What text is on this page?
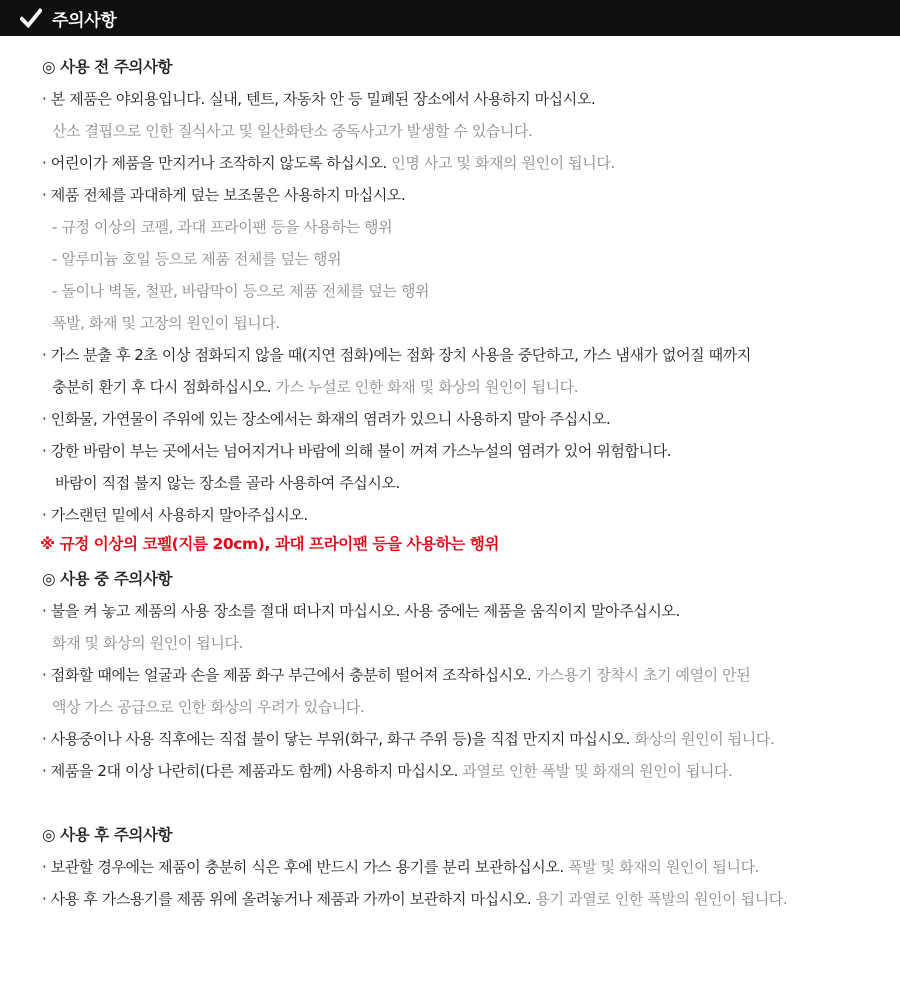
주의사항
◎ 사용 전 주의사항
· 본 제품은 야외용입니다. 실내, 텐트, 자동차 안 등 밀폐된 장소에서 사용하지 마십시오.
산소 결핍으로 인한 질식사고 및 일산화탄소 중독사고가 발생할 수 있습니다.
· 어린이가 제품을 만지거나 조작하지 않도록 하십시오. 인명 사고 및 화재의 원인이 됩니다.
· 제품 전체를 과대하게 덮는 보조물은 사용하지 마십시오.
- 규정 이상의 코펠, 과대 프라이팬 등을 사용하는 행위
- 알루미늄 호일 등으로 제품 전체를 덮는 행위
- 돌이나 벽돌, 철판, 바람막이 등으로 제품 전체를 덮는 행위
폭발, 화재 및 고장의 원인이 됩니다.
· 가스 분출 후 2초 이상 점화되지 않을 때(지연 점화)에는 점화 장치 사용을 중단하고, 가스 냄새가 없어질 때까지
충분히 환기 후 다시 점화하십시오. 가스 누설로 인한 화재 및 화상의 원인이 됩니다.
· 인화물, 가연물이 주위에 있는 장소에서는 화재의 염려가 있으니 사용하지 말아 주십시오.
· 강한 바람이 부는 곳에서는 넘어지거나 바람에 의해 불이 꺼져 가스누설의 염려가 있어 위험합니다.
바람이 직접 불지 않는 장소를 골라 사용하여 주십시오.
· 가스랜턴 밑에서 사용하지 말아주십시오.
※ 규정 이상의 코펠(지름 20cm), 과대 프라이팬 등을 사용하는 행위
◎ 사용 중 주의사항
· 불을 켜 놓고 제품의 사용 장소를 절대 떠나지 마십시오. 사용 중에는 제품을 움직이지 말아주십시오.
화재 및 화상의 원인이 됩니다.
· 점화할 때에는 얼굴과 손을 제품 화구 부근에서 충분히 떨어져 조작하십시오. 가스용기 장착시 초기 예열이 안된
액상 가스 공급으로 인한 화상의 우려가 있습니다.
· 사용중이나 사용 직후에는 직접 불이 닿는 부위(화구, 화구 주위 등)을 직접 만지지 마십시오. 화상의 원인이 됩니다.
· 제품을 2대 이상 나란히(다른 제품과도 함께) 사용하지 마십시오. 과열로 인한 폭발 및 화재의 원인이 됩니다.
◎ 사용 후 주의사항
· 보관할 경우에는 제품이 충분히 식은 후에 반드시 가스 용기를 분리 보관하십시오. 폭발 및 화재의 원인이 됩니다.
· 사용 후 가스용기를 제품 위에 올려놓거나 제품과 가까이 보관하지 마십시오. 용기 과열로 인한 폭발의 원인이 됩니다.
